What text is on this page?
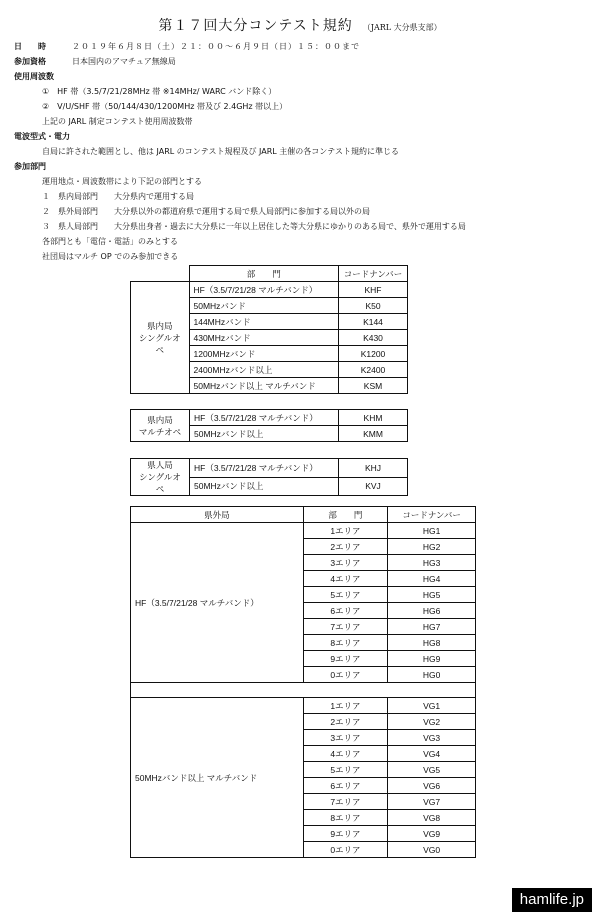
第１７回大分コンテスト規約 （JARL 大分県支部）
日　　時	２０１９年６月８日（土）２１：００～６月９日（日）１５：００まで
参加資格	日本国内のアマチュア無線局
使用周波数
①　HF 帯（3.5/7/21/28MHz 帯 ※14MHz/ WARC バンド除く）
②　V/U/SHF 帯（50/144/430/1200MHz 帯及び 2.4GHz 帯以上）
上記の JARL 制定コンテスト使用周波数帯
電波型式・電力
自局に許された範囲とし、他は JARL のコンテスト規程及び JARL 主催の各コンテスト規約に準じる
参加部門
運用地点・周波数帯により下記の部門とする
１　県内局部門　　大分県内で運用する局
２　県外局部門　　大分県以外の都道府県で運用する局で県人局部門に参加する局以外の局
３　県人局部門　　大分県出身者・過去に大分県に一年以上居住した等大分県にゆかりのある局で、県外で運用する局
各部門とも「電信・電話」のみとする
社団局はマルチ OP でのみ参加できる
	部　　門	コードナンバー
県内局
シングルオペ	HF（3.5/7/21/28 マルチバンド）	KHF
	50MHzバンド	K50
	144MHzバンド	K144
	430MHzバンド	K430
	1200MHzバンド	K1200
	2400MHzバンド以上	K2400
	50MHzバンド以上 マルチバンド	KSM
県内局
マルチオペ	HF（3.5/7/21/28 マルチバンド）	KHM
	50MHzバンド以上	KMM
県人局
シングルオペ	HF（3.5/7/21/28 マルチバンド）	KHJ
	50MHzバンド以上	KVJ
県外局	部　　門	コードナンバー
HF（3.5/7/21/28 マルチバンド）	1エリア	HG1
	2エリア	HG2
	3エリア	HG3
	4エリア	HG4
	5エリア	HG5
	6エリア	HG6
	7エリア	HG7
	8エリア	HG8
	9エリア	HG9
	0エリア	HG0

50MHzバンド以上 マルチバンド	1エリア	VG1
	2エリア	VG2
	3エリア	VG3
	4エリア	VG4
	5エリア	VG5
	6エリア	VG6
	7エリア	VG7
	8エリア	VG8
	9エリア	VG9
	0エリア	VG0
hamlife.jp
